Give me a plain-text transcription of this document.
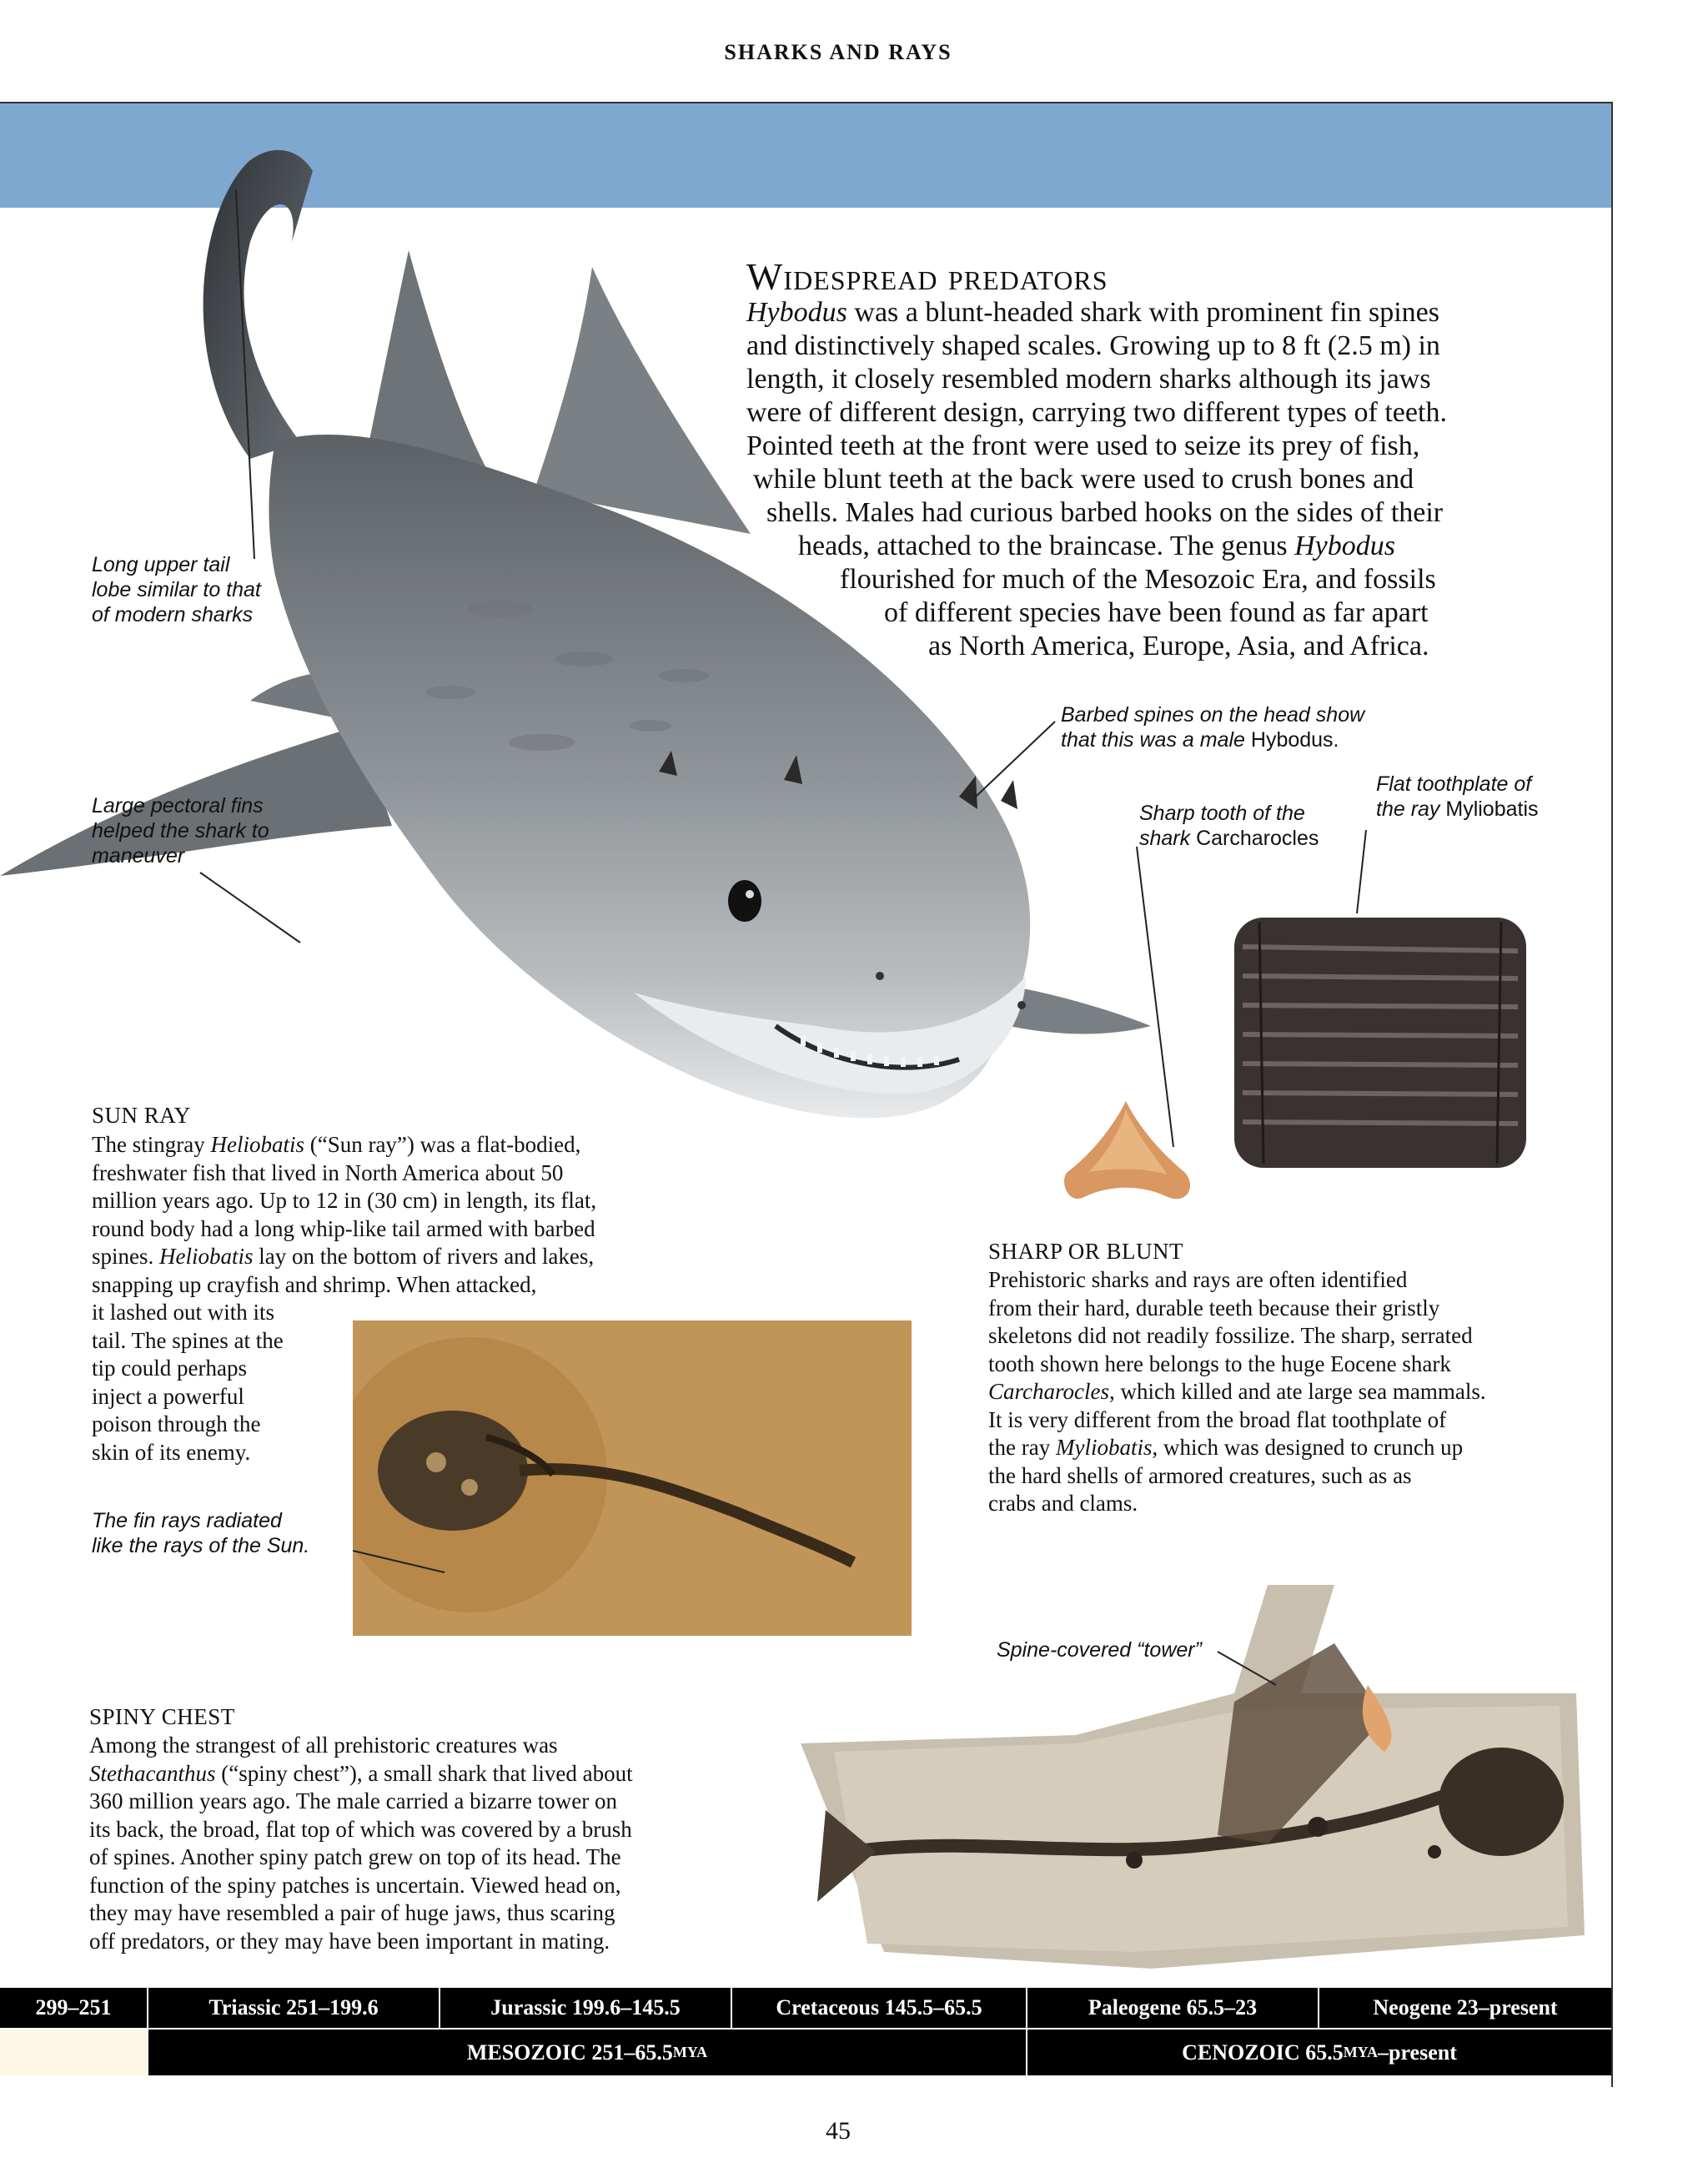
SHARKS AND RAYS
Long upper tail
lobe similar to that
of modern sharks
Large pectoral fins
helped the shark to
maneuver
Barbed spines on the head show
that this was a male Hybodus.
Sharp tooth of the
shark Carcharocles
Flat toothplate of
the ray Myliobatis
Widespread predators
Hybodus was a blunt-headed shark with prominent fin spines
and distinctively shaped scales. Growing up to 8 ft (2.5 m) in
length, it closely resembled modern sharks although its jaws
were of different design, carrying two different types of teeth.
Pointed teeth at the front were used to seize its prey of fish,
while blunt teeth at the back were used to crush bones and
shells. Males had curious barbed hooks on the sides of their
heads, attached to the braincase. The genus Hybodus
flourished for much of the Mesozoic Era, and fossils
of different species have been found as far apart
as North America, Europe, Asia, and Africa.
SUN RAY
The stingray Heliobatis (“Sun ray”) was a flat-bodied,
freshwater fish that lived in North America about 50
million years ago. Up to 12 in (30 cm) in length, its flat,
round body had a long whip-like tail armed with barbed
spines. Heliobatis lay on the bottom of rivers and lakes,
snapping up crayfish and shrimp. When attacked,
it lashed out with its
tail. The spines at the
tip could perhaps
inject a powerful
poison through the
skin of its enemy.
The fin rays radiated
like the rays of the Sun.
SHARP OR BLUNT
Prehistoric sharks and rays are often identified
from their hard, durable teeth because their gristly
skeletons did not readily fossilize. The sharp, serrated
tooth shown here belongs to the huge Eocene shark
Carcharocles, which killed and ate large sea mammals.
It is very different from the broad flat toothplate of
the ray Myliobatis, which was designed to crunch up
the hard shells of armored creatures, such as as
crabs and clams.
Spine-covered “tower”
SPINY CHEST
Among the strangest of all prehistoric creatures was
Stethacanthus (“spiny chest”), a small shark that lived about
360 million years ago. The male carried a bizarre tower on
its back, the broad, flat top of which was covered by a brush
of spines. Another spiny patch grew on top of its head. The
function of the spiny patches is uncertain. Viewed head on,
they may have resembled a pair of huge jaws, thus scaring
off predators, or they may have been important in mating.
299–251	Triassic 251–199.6	Jurassic 199.6–145.5	Cretaceous 145.5–65.5	Paleogene 65.5–23	Neogene 23–present
MESOZOIC 251–65.5 MYA	CENOZOIC 65.5 MYA –present
45
